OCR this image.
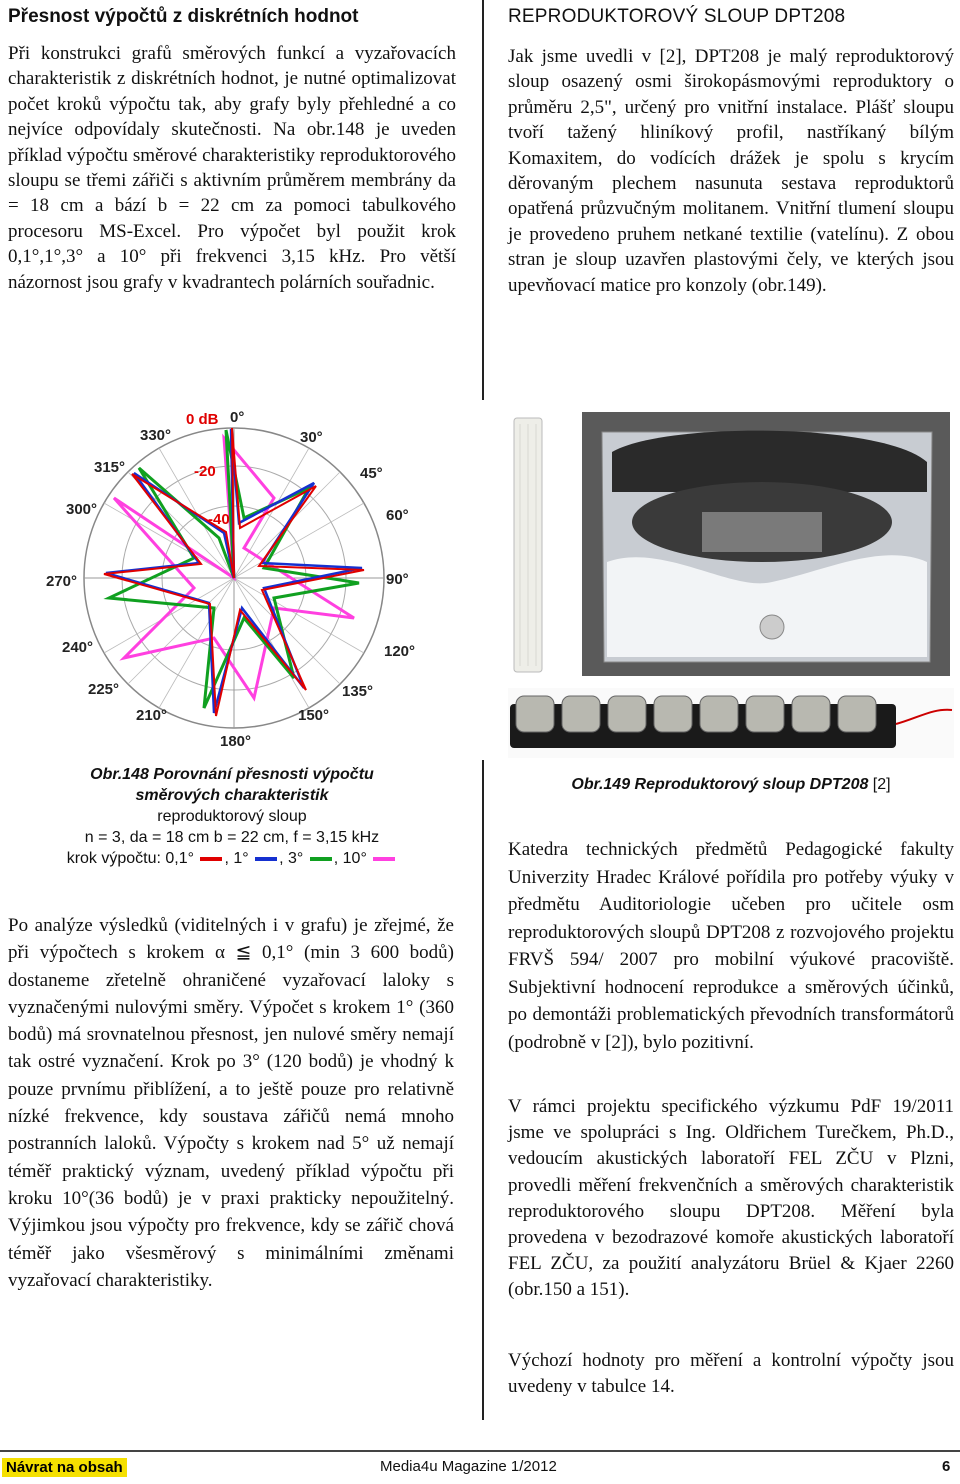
Přesnost výpočtů z diskrétních hodnot
Při konstrukci grafů směrových funkcí a vyzařovacích charakteristik z diskrétních hodnot, je nutné optimalizovat počet kroků výpočtu tak, aby grafy byly přehledné a co nejvíce odpovídaly skutečnosti. Na obr.148 je uveden příklad výpočtu směrové charakteristiky reproduktorového sloupu se třemi zářiči s aktivním průměrem membrány da = 18 cm a bází b = 22 cm za pomoci tabulkového procesoru MS-Excel. Pro výpočet byl použit krok 0,1°,1°,3° a 10° při frekvenci 3,15 kHz. Pro větší názornost jsou grafy v kvadrantech polárních souřadnic.
Po analýze výsledků (viditelných i v grafu) je zřejmé, že při výpočtech s krokem α ≦ 0,1° (min 3 600 bodů) dostaneme zřetelně ohraničené vyzařovací laloky s vyznačenými nulovými směry. Výpočet s krokem 1° (360 bodů) má srovnatelnou přesnost, jen nulové směry nemají tak ostré vyznačení. Krok po 3° (120 bodů) je vhodný k pouze prvnímu přiblížení, a to ještě pouze pro relativně nízké frekvence, kdy soustava zářičů nemá mnoho postranních laloků. Výpočty s krokem nad 5° už nemají téměř praktický význam, uvedený příklad výpočtu při kroku 10°(36 bodů) je v praxi prakticky nepoužitelný. Výjimkou jsou výpočty pro frekvence, kdy se zářič chová téměř jako všesměrový s minimálními změnami vyzařovací charakteristiky.
0 dB 0°
330°	30°
315°	-20	45°
300°
-40	60°
270°	90°
240°	120°
225°	135°
210°	150°
180°
Obr.148 Porovnání přesnosti výpočtu směrových charakteristik
reproduktorový sloup
n = 3, da = 18 cm b = 22 cm, f = 3,15 kHz
krok výpočtu: 0,1° , 1° , 3° , 10°
REPRODUKTOROVÝ SLOUP DPT208
Jak jsme uvedli v [2], DPT208 je malý reproduktorový sloup osazený osmi širokopásmovými reproduktory o průměru 2,5", určený pro vnitřní instalace. Plášť sloupu tvoří tažený hliníkový profil, nastříkaný bílým Komaxitem, do vodících drážek je spolu s krycím děrovaným plechem nasunuta sestava reproduktorů opatřená průzvučným molitanem. Vnitřní tlumení sloupu je provedeno pruhem netkané textilie (vatelínu). Z obou stran je sloup uzavřen plastovými čely, ve kterých jsou upevňovací matice pro konzoly (obr.149).
Katedra technických předmětů Pedagogické fakulty Univerzity Hradec Králové pořídila pro potřeby výuky v předmětu Auditoriologie učeben pro učitele osm reproduktorových sloupů DPT208 z rozvojového projektu FRVŠ 594/ 2007 pro mobilní výukové pracoviště. Subjektivní hodnocení reprodukce a směrových účinků, po demontáži problematických převodních transformátorů (podrobně v [2]), bylo pozitivní.
V rámci projektu specifického výzkumu PdF 19/2011 jsme ve spolupráci s Ing. Oldřichem Turečkem, Ph.D., vedoucím akustických laboratoří FEL ZČU v Plzni, provedli měření frekvenčních a směrových charakteristik reproduktorového sloupu DPT208. Měření byla provedena v bezodrazové komoře akustických laboratoří FEL ZČU, za použití analyzátoru Brüel & Kjaer 2260 (obr.150 a 151).
Výchozí hodnoty pro měření a kontrolní výpočty jsou uvedeny v tabulce 14.
Obr.149 Reproduktorový sloup DPT208 [2]
Návrat na obsah	Media4u Magazine 1/2012	6
